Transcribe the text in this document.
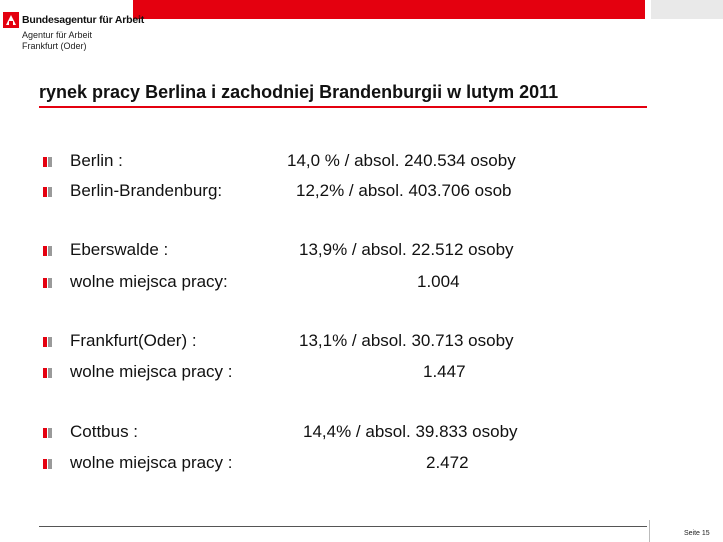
Bundesagentur für Arbeit
Agentur für Arbeit
Frankfurt (Oder)
rynek pracy Berlina i zachodniej Brandenburgii w lutym 2011
Berlin :	14,0 % / absol. 240.534 osoby
Berlin-Brandenburg:	12,2% / absol. 403.706 osob
Eberswalde :	13,9% / absol. 22.512 osoby
wolne miejsca pracy:	1.004
Frankfurt(Oder) :	13,1% / absol. 30.713 osoby
wolne miejsca pracy :	1.447
Cottbus :	14,4% / absol. 39.833 osoby
wolne miejsca pracy :	2.472
Seite 15
